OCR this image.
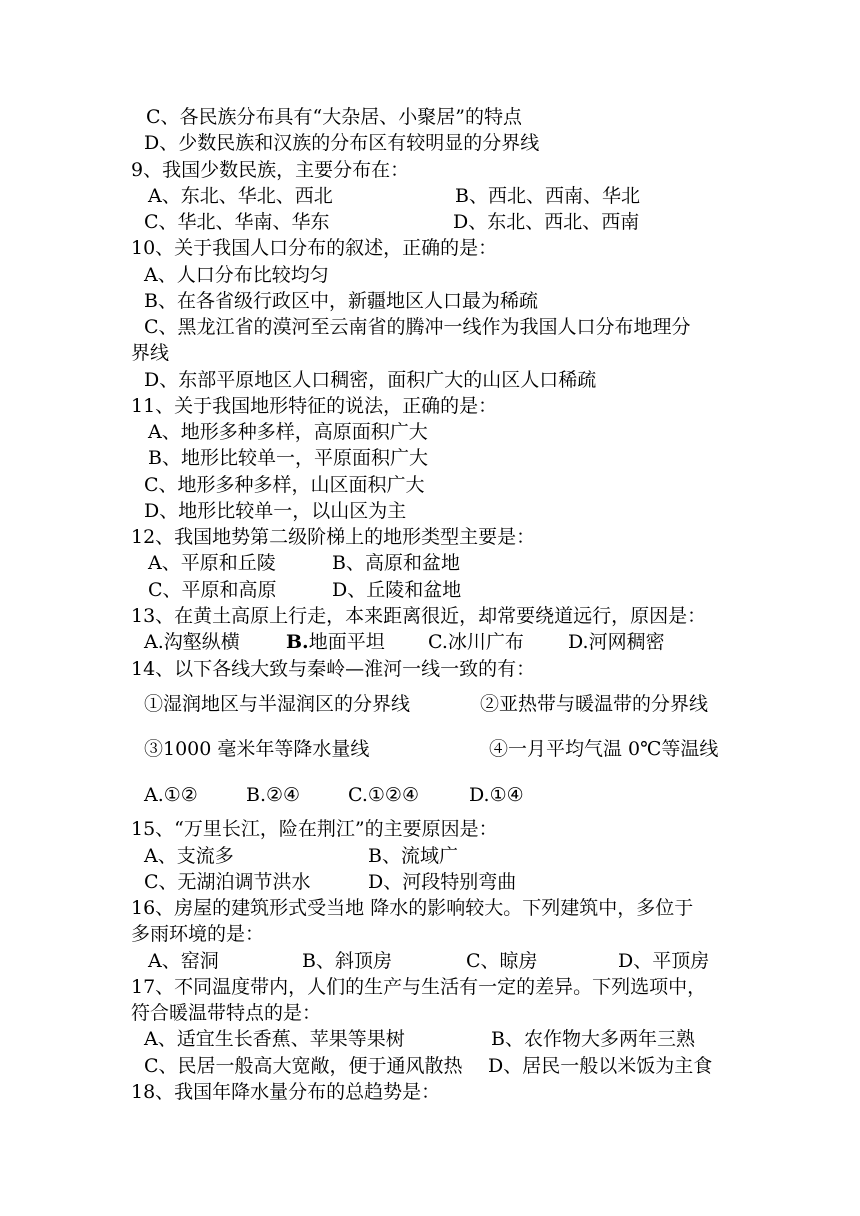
C、各民族分布具有“大杂居、小聚居”的特点
D、少数民族和汉族的分布区有较明显的分界线
9、我国少数民族，主要分布在：
A、东北、华北、西北	B、西北、西南、华北
C、华北、华南、华东	D、东北、西北、西南
10、关于我国人口分布的叙述，正确的是：
A、人口分布比较均匀
B、在各省级行政区中，新疆地区人口最为稀疏
C、黑龙江省的漠河至云南省的腾冲一线作为我国人口分布地理分
界线
D、东部平原地区人口稠密，面积广大的山区人口稀疏
11、关于我国地形特征的说法，正确的是：
A、地形多种多样，高原面积广大
B、地形比较单一，平原面积广大
C、地形多种多样，山区面积广大
D、地形比较单一，以山区为主
12、我国地势第二级阶梯上的地形类型主要是：
A、平原和丘陵	B、高原和盆地
C、平原和高原	D、丘陵和盆地
13、在黄土高原上行走，本来距离很近，却常要绕道远行，原因是：
A.沟壑纵横 B.地面平坦 C.冰川广布 D.河网稠密
14、以下各线大致与秦岭—淮河一线一致的有：
①湿润地区与半湿润区的分界线	②亚热带与暖温带的分界线
③1000 毫米年等降水量线	④一月平均气温 0℃等温线
A.①②	B.②④	C.①②④	D.①④
15、“万里长江，险在荆江”的主要原因是：
A、支流多	B、流域广
C、无湖泊调节洪水	D、河段特别弯曲
16、房屋的建筑形式受当地 降水的影响较大。下列建筑中，多位于
多雨环境的是：
A、窑洞	B、斜顶房	C、晾房	D、平顶房
17、不同温度带内，人们的生产与生活有一定的差异。下列选项中，
符合暖温带特点的是：
A、适宜生长香蕉、苹果等果树	B、农作物大多两年三熟
C、民居一般高大宽敞，便于通风散热 D、居民一般以米饭为主食
18、我国年降水量分布的总趋势是：
